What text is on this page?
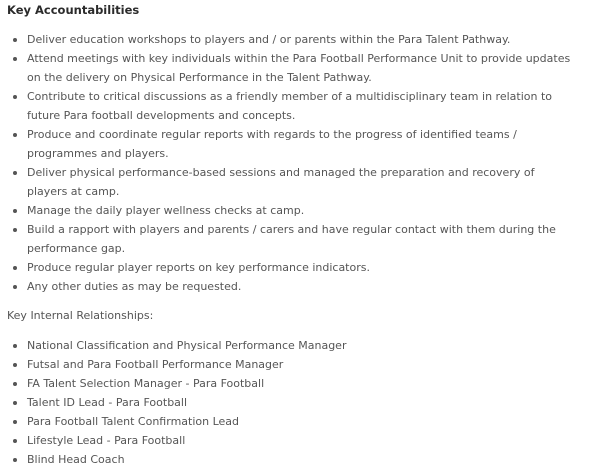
Key Accountabilities
Deliver education workshops to players and / or parents within the Para Talent Pathway.
Attend meetings with key individuals within the Para Football Performance Unit to provide updates on the delivery on Physical Performance in the Talent Pathway.
Contribute to critical discussions as a friendly member of a multidisciplinary team in relation to future Para football developments and concepts.
Produce and coordinate regular reports with regards to the progress of identified teams / programmes and players.
Deliver physical performance-based sessions and managed the preparation and recovery of players at camp.
Manage the daily player wellness checks at camp.
Build a rapport with players and parents / carers and have regular contact with them during the performance gap.
Produce regular player reports on key performance indicators.
Any other duties as may be requested.

Key Internal Relationships:

National Classification and Physical Performance Manager
Futsal and Para Football Performance Manager
FA Talent Selection Manager - Para Football
Talent ID Lead - Para Football
Para Football Talent Confirmation Lead
Lifestyle Lead - Para Football
Blind Head Coach
